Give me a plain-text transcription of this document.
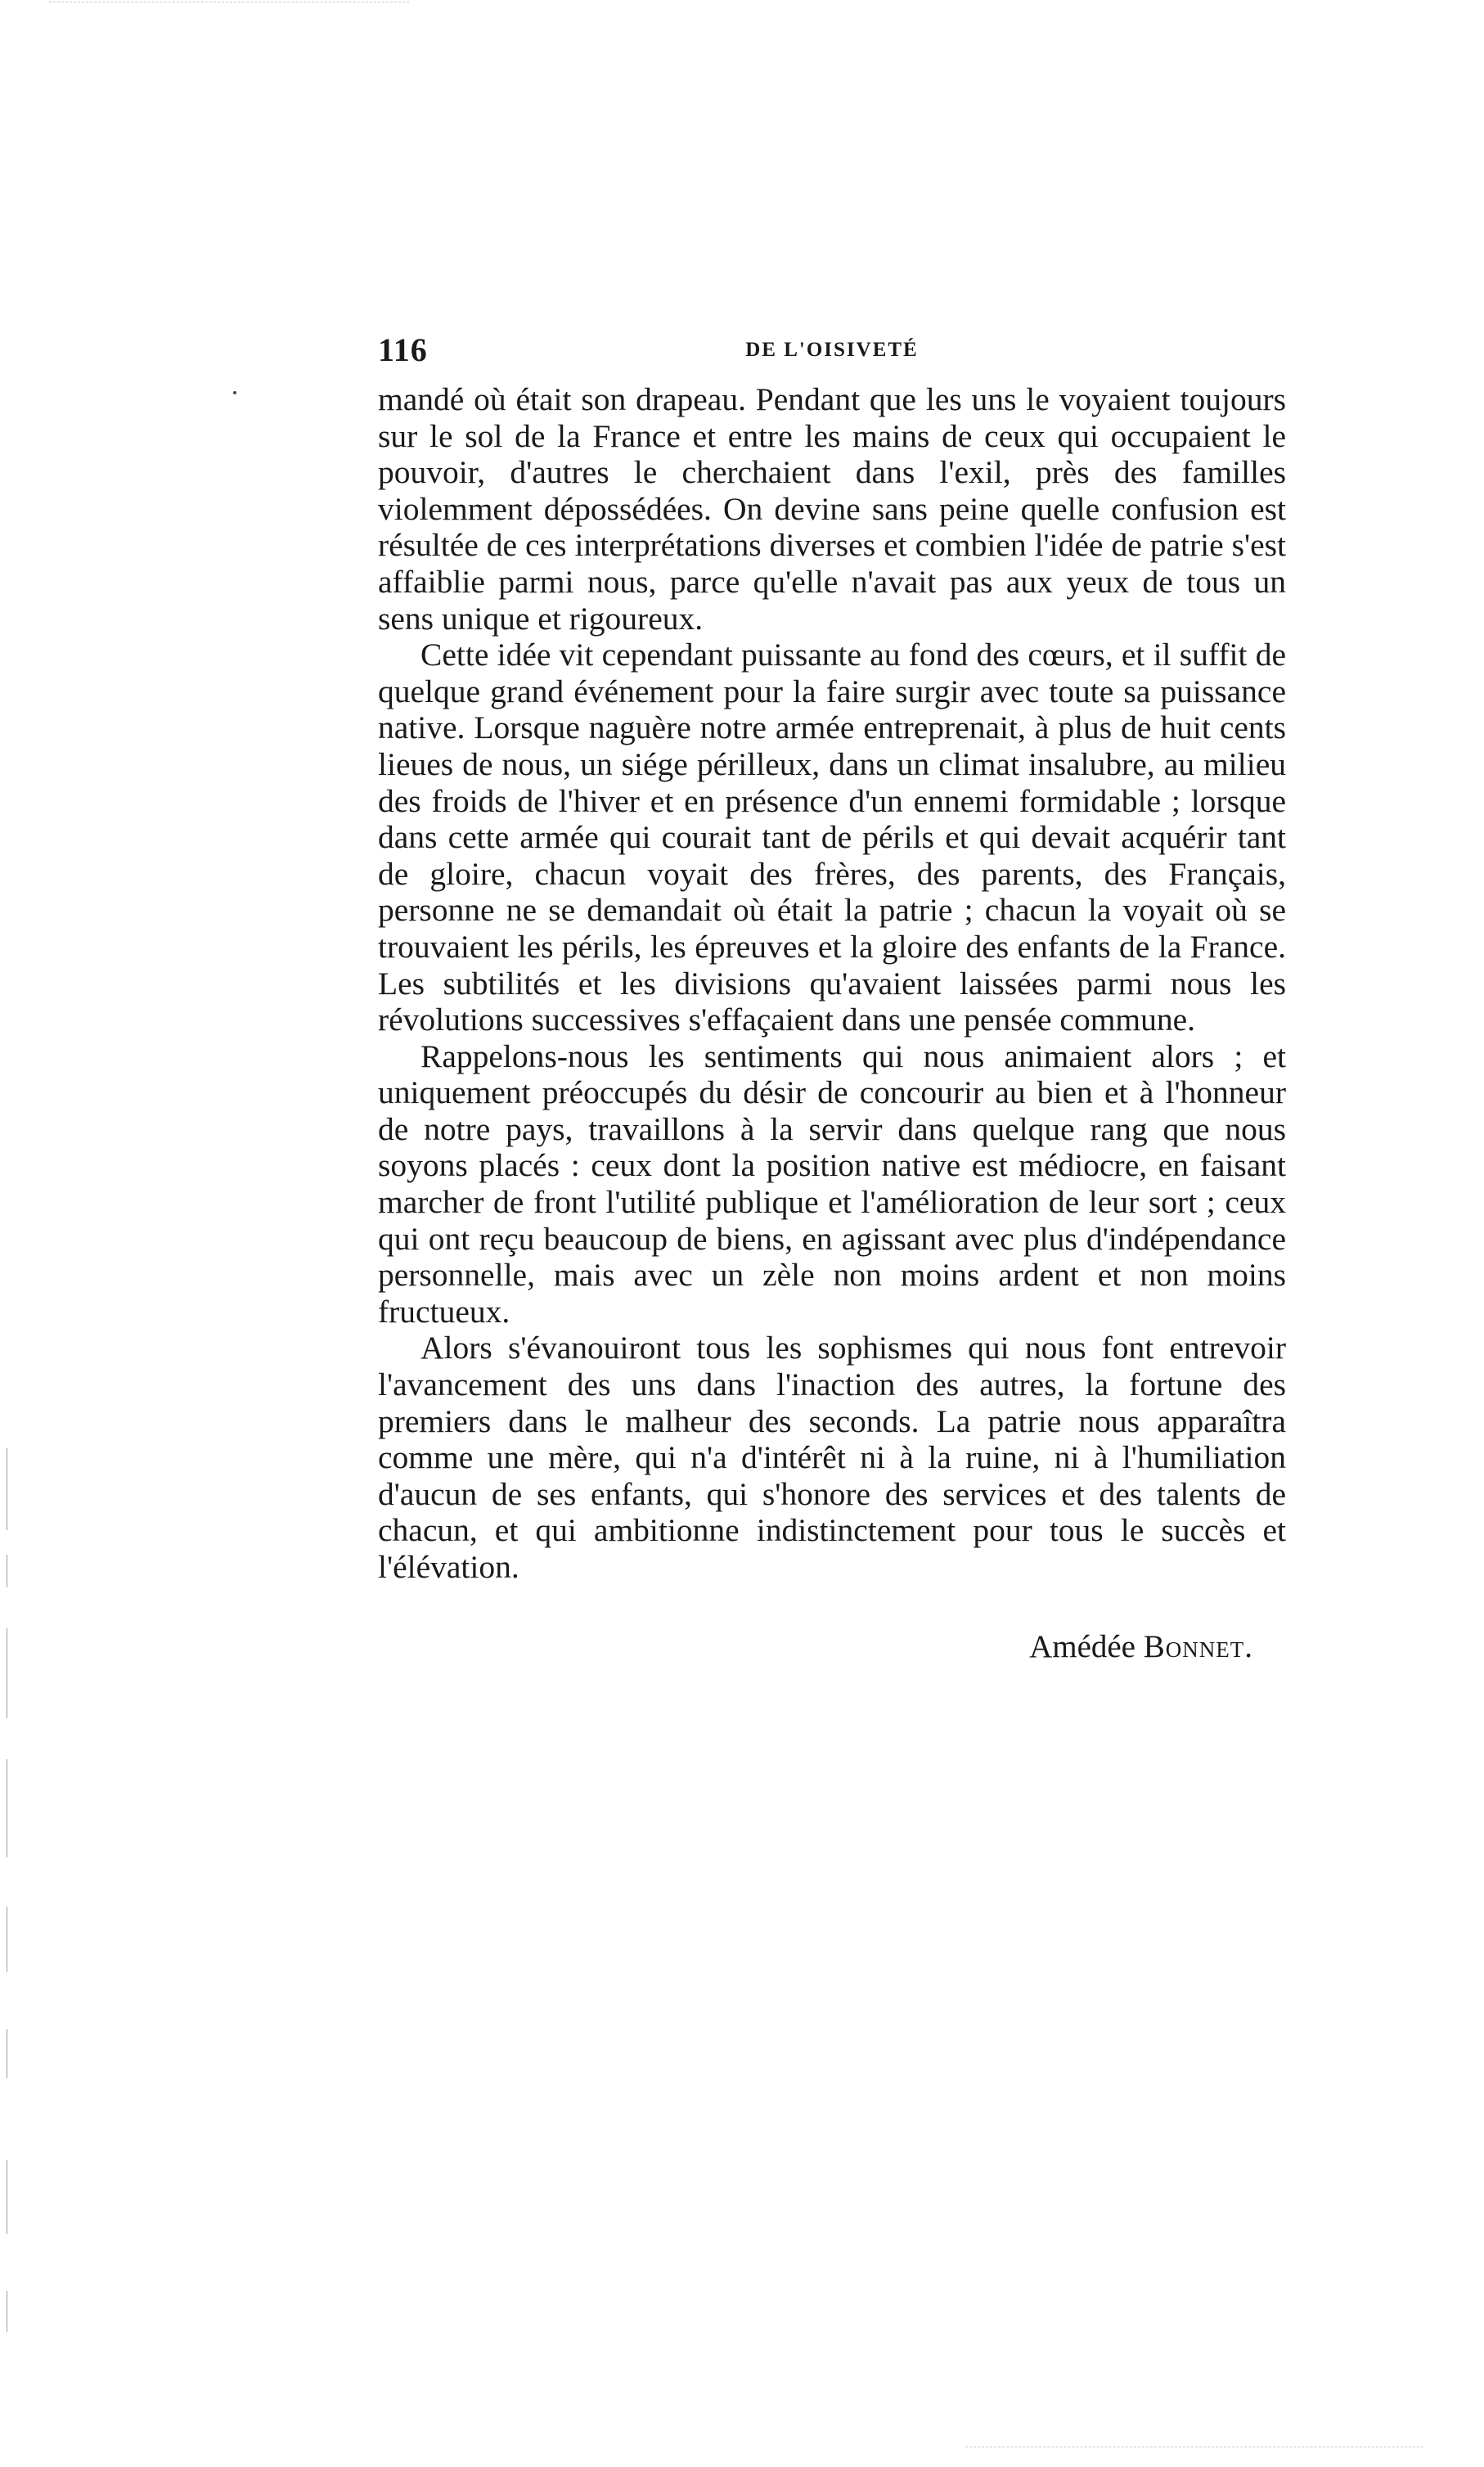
116	DE L'OISIVETÉ

mandé où était son drapeau. Pendant que les uns le voyaient toujours sur le sol de la France et entre les mains de ceux qui occupaient le pouvoir, d'autres le cherchaient dans l'exil, près des familles violemment dépossédées. On devine sans peine quelle confusion est résultée de ces interprétations diverses et combien l'idée de patrie s'est affaiblie parmi nous, parce qu'elle n'avait pas aux yeux de tous un sens unique et rigoureux.

Cette idée vit cependant puissante au fond des cœurs, et il suffit de quelque grand événement pour la faire surgir avec toute sa puissance native. Lorsque naguère notre armée entreprenait, à plus de huit cents lieues de nous, un siége périlleux, dans un climat insalubre, au milieu des froids de l'hiver et en présence d'un ennemi formidable ; lorsque dans cette armée qui courait tant de périls et qui devait acquérir tant de gloire, chacun voyait des frères, des parents, des Français, personne ne se demandait où était la patrie ; chacun la voyait où se trouvaient les périls, les épreuves et la gloire des enfants de la France. Les subtilités et les divisions qu'avaient laissées parmi nous les révolutions successives s'effaçaient dans une pensée commune.

Rappelons-nous les sentiments qui nous animaient alors ; et uniquement préoccupés du désir de concourir au bien et à l'honneur de notre pays, travaillons à la servir dans quelque rang que nous soyons placés : ceux dont la position native est médiocre, en faisant marcher de front l'utilité publique et l'amélioration de leur sort ; ceux qui ont reçu beaucoup de biens, en agissant avec plus d'indépendance personnelle, mais avec un zèle non moins ardent et non moins fructueux.

Alors s'évanouiront tous les sophismes qui nous font entrevoir l'avancement des uns dans l'inaction des autres, la fortune des premiers dans le malheur des seconds. La patrie nous apparaîtra comme une mère, qui n'a d'intérêt ni à la ruine, ni à l'humiliation d'aucun de ses enfants, qui s'honore des services et des talents de chacun, et qui ambitionne indistinctement pour tous le succès et l'élévation.

Amédée Bonnet.
